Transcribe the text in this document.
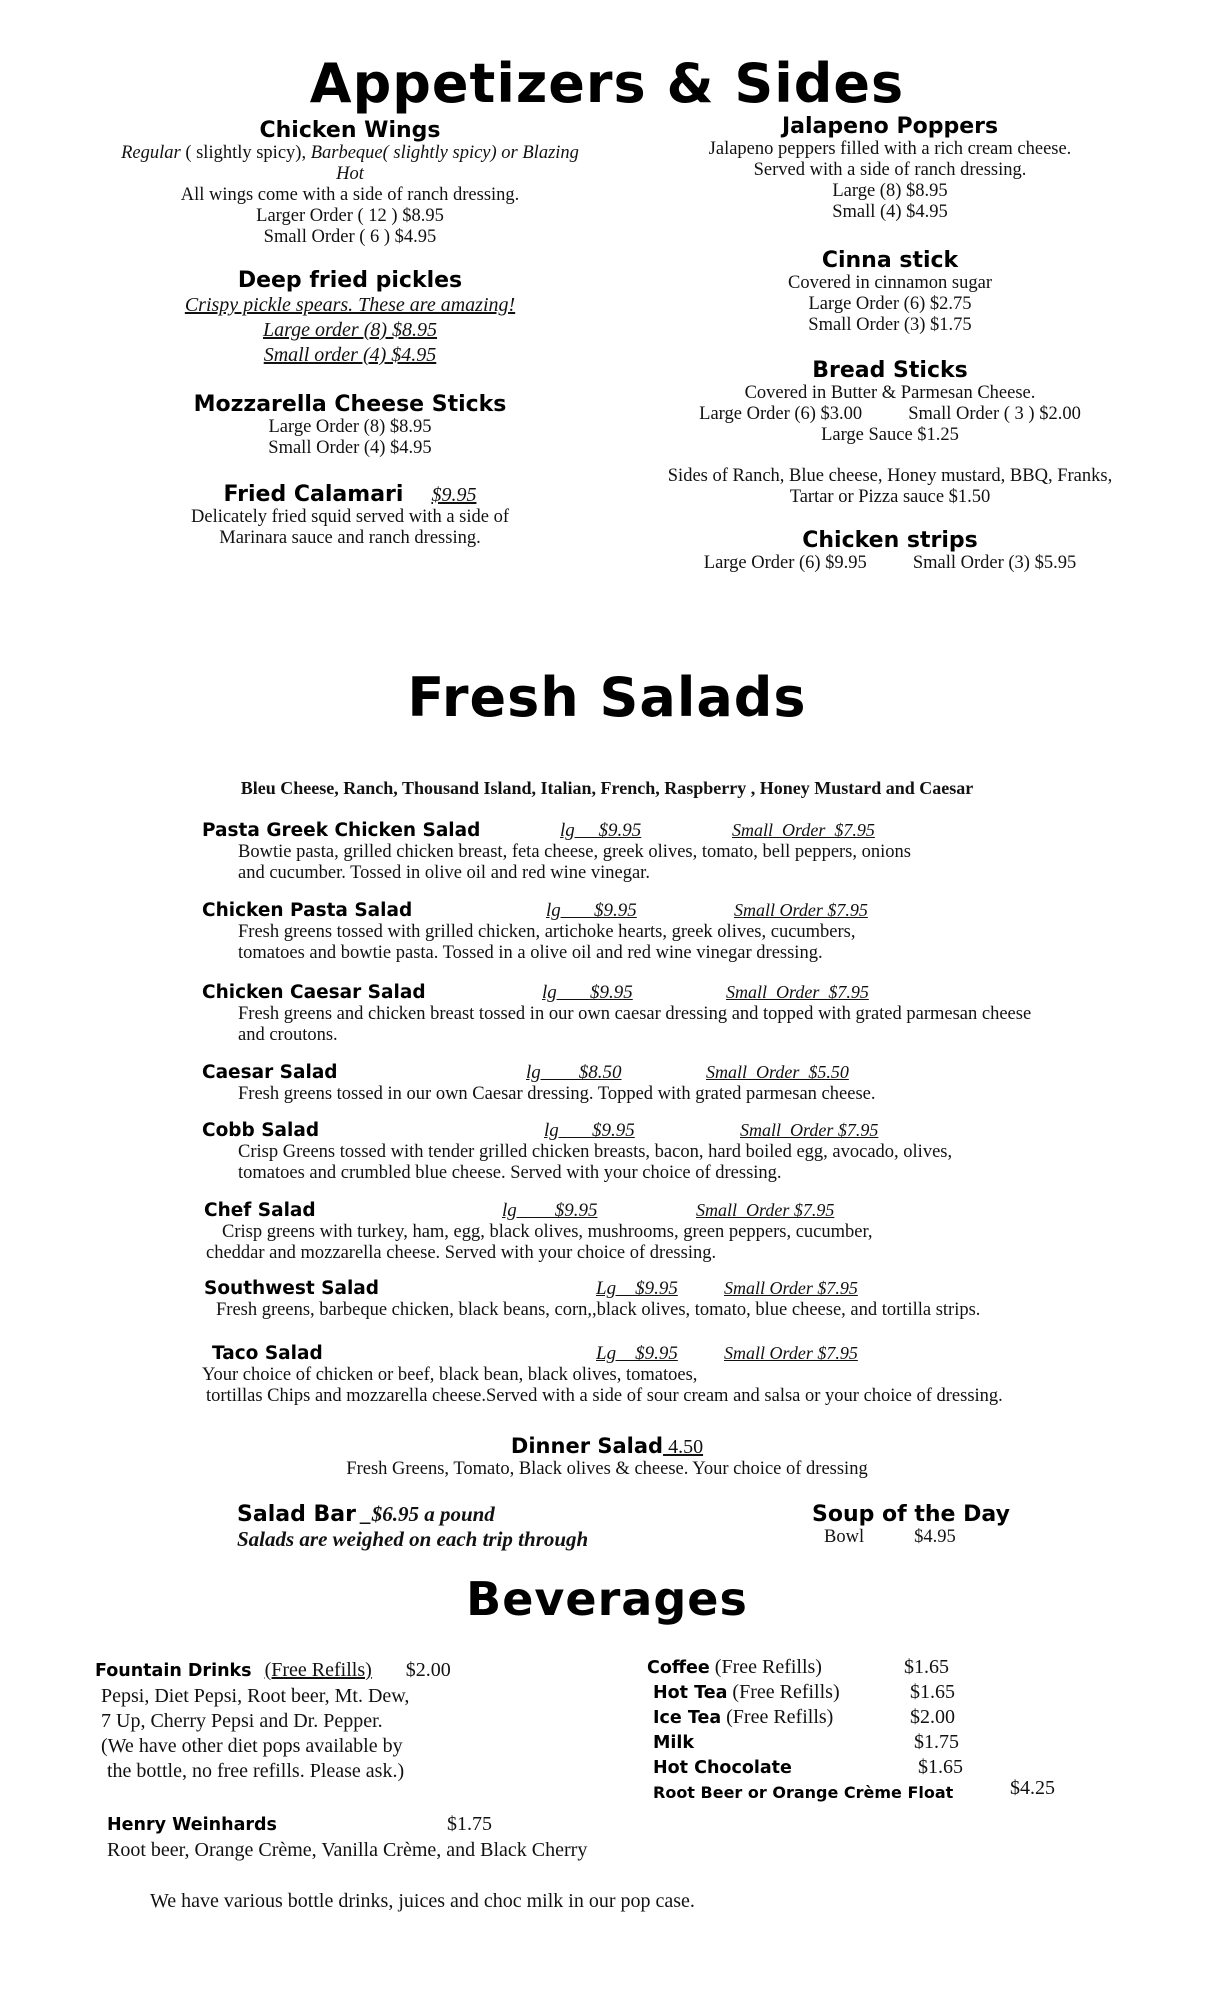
Appetizers & Sides
Chicken Wings
Regular ( slightly spicy), Barbeque( slightly spicy) or Blazing
Hot
All wings come with a side of ranch dressing.
Larger Order ( 12 ) $8.95
Small Order ( 6 ) $4.95
Deep fried pickles
Crispy pickle spears. These are amazing!
Large order (8) $8.95
Small order (4) $4.95
Mozzarella Cheese Sticks
Large Order (8) $8.95
Small Order (4) $4.95
Fried Calamari $9.95
Delicately fried squid served with a side of
Marinara sauce and ranch dressing.
Jalapeno Poppers
Jalapeno peppers filled with a rich cream cheese.
Served with a side of ranch dressing.
Large (8) $8.95
Small (4) $4.95
Cinna stick
Covered in cinnamon sugar
Large Order (6) $2.75
Small Order (3) $1.75
Bread Sticks
Covered in Butter & Parmesan Cheese.
Large Order (6) $3.00 Small Order ( 3 ) $2.00
Large Sauce $1.25
Sides of Ranch, Blue cheese, Honey mustard, BBQ, Franks,
Tartar or Pizza sauce $1.50
Chicken strips
Large Order (6) $9.95 Small Order (3) $5.95
Fresh Salads
Bleu Cheese, Ranch, Thousand Island, Italian, French, Raspberry , Honey Mustard and Caesar
Pasta Greek Chicken Salad	lg     $9.95	Small  Order  $7.95
Bowtie pasta, grilled chicken breast, feta cheese, greek olives, tomato, bell peppers, onions
and cucumber. Tossed in olive oil and red wine vinegar.
Chicken Pasta Salad	lg       $9.95	Small Order $7.95
Fresh greens tossed with grilled chicken, artichoke hearts, greek olives, cucumbers,
tomatoes and bowtie pasta. Tossed in a olive oil and red wine vinegar dressing.
Chicken Caesar Salad	lg       $9.95	Small  Order  $7.95
Fresh greens and chicken breast tossed in our own caesar dressing and topped with grated parmesan cheese
and croutons.
Caesar Salad	lg        $8.50	Small  Order  $5.50
Fresh greens tossed in our own Caesar dressing. Topped with grated parmesan cheese.
Cobb Salad	lg       $9.95	Small  Order $7.95
Crisp Greens tossed with tender grilled chicken breasts, bacon, hard boiled egg, avocado, olives,
tomatoes and crumbled blue cheese. Served with your choice of dressing.
Chef Salad	lg        $9.95	Small  Order $7.95
Crisp greens with turkey, ham, egg, black olives, mushrooms, green peppers, cucumber,
cheddar and mozzarella cheese. Served with your choice of dressing.
Southwest Salad	Lg    $9.95	Small Order $7.95
Fresh greens, barbeque chicken, black beans, corn,,black olives, tomato, blue cheese, and tortilla strips.
Taco Salad	Lg    $9.95	Small Order $7.95
Your choice of chicken or beef, black bean, black olives, tomatoes,
tortillas Chips and mozzarella cheese.Served with a side of sour cream and salsa or your choice of dressing.
Dinner Salad 4.50
Fresh Greens, Tomato, Black olives & cheese. Your choice of dressing
Salad Bar _$6.95 a pound
Salads are weighed on each trip through
Soup of the Day
Bowl	$4.95
Beverages
Fountain Drinks (Free Refills) $2.00
Pepsi, Diet Pepsi, Root beer, Mt. Dew,
7 Up, Cherry Pepsi and Dr. Pepper.
(We have other diet pops available by
the bottle, no free refills. Please ask.)
Henry Weinhards	$1.75
Root beer, Orange Crème, Vanilla Crème, and Black Cherry
Coffee (Free Refills)	$1.65
Hot Tea (Free Refills)	$1.65
Ice Tea (Free Refills)	$2.00
Milk	$1.75
Hot Chocolate	$1.65
Root Beer or Orange Crème Float	$4.25
We have various bottle drinks, juices and choc milk in our pop case.
